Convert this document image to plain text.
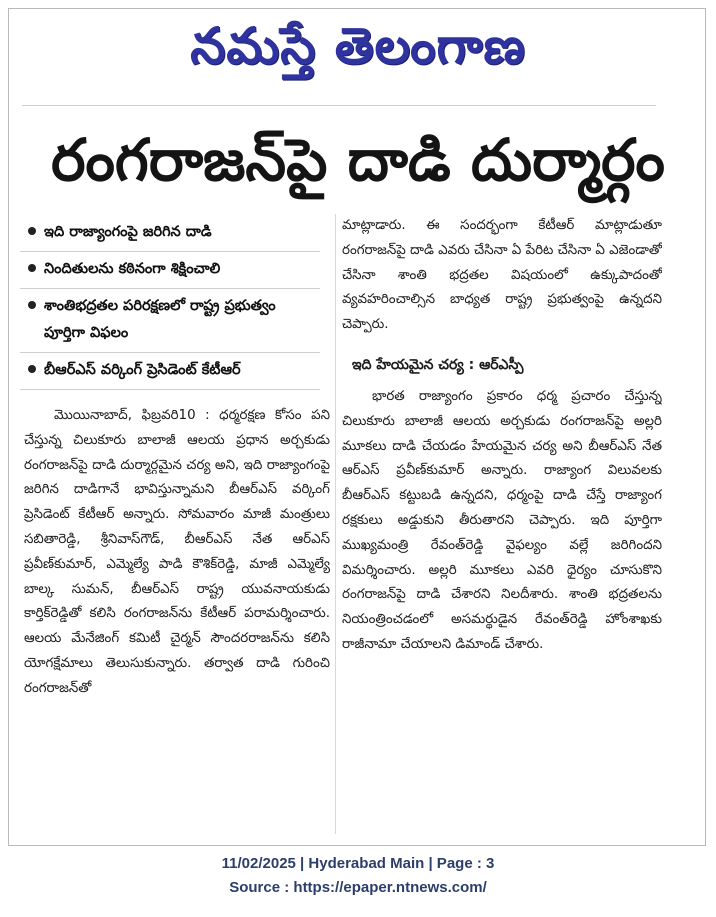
నమస్తే తెలంగాణ
రంగరాజన్‌పై దాడి దుర్మార్గం
ఇది రాజ్యాంగంపై జరిగిన దాడి
నిందితులను కఠినంగా శిక్షించాలి
శాంతిభద్రతల పరిరక్షణలో రాష్ట్ర ప్రభుత్వం పూర్తిగా విఫలం
బీఆర్‌ఎస్ వర్కింగ్ ప్రెసిడెంట్ కేటీఆర్

మొయినాబాద్, ఫిబ్రవరి10 : ధర్మరక్షణ కోసం పని చేస్తున్న చిలుకూరు బాలాజీ ఆలయ ప్రధాన అర్చకుడు రంగరాజన్‌పై దాడి దుర్మార్గమైన చర్య అని, ఇది రాజ్యాంగంపై జరిగిన దాడిగానే భావిస్తున్నామని బీఆర్‌ఎస్ వర్కింగ్ ప్రెసిడెంట్ కేటీఆర్ అన్నారు. సోమవారం మాజీ మంత్రులు సబితారెడ్డి, శ్రీనివాస్‌గౌడ్, బీఆర్‌ఎస్ నేత ఆర్‌ఎస్ ప్రవీణ్‌కుమార్, ఎమ్మెల్యే పాడి కౌశిక్‌రెడ్డి, మాజీ ఎమ్మెల్యే బాల్క సుమన్, బీఆర్‌ఎస్ రాష్ట్ర యువనాయకుడు కార్తిక్‌రెడ్డితో కలిసి రంగరాజన్‌ను కేటీఆర్ పరామర్శించారు. ఆలయ మేనేజింగ్ కమిటీ చైర్మన్ సౌందరరాజన్‌ను కలిసి యోగక్షేమాలు తెలుసుకున్నారు. తర్వాత దాడి గురించి రంగరాజన్‌తో

మాట్లాడారు. ఈ సందర్భంగా కేటీఆర్ మాట్లాడుతూ రంగరాజన్‌పై దాడి ఎవరు చేసినా ఏ పేరిట చేసినా ఏ ఎజెండాతో చేసినా శాంతి భద్రతల విషయంలో ఉక్కుపాదంతో వ్యవహరించాల్సిన బాధ్యత రాష్ట్ర ప్రభుత్వంపై ఉన్నదని చెప్పారు.

ఇది హేయమైన చర్య : ఆర్‌ఎస్పీ

భారత రాజ్యాంగం ప్రకారం ధర్మ ప్రచారం చేస్తున్న చిలుకూరు బాలాజీ ఆలయ అర్చకుడు రంగరాజన్‌పై అల్లరి మూకలు దాడి చేయడం హేయమైన చర్య అని బీఆర్‌ఎస్ నేత ఆర్‌ఎస్ ప్రవీణ్‌కుమార్ అన్నారు. రాజ్యాంగ విలువలకు బీఆర్‌ఎస్ కట్టుబడి ఉన్నదని, ధర్మంపై దాడి చేస్తే రాజ్యాంగ రక్షకులు అడ్డుకుని తీరుతారని చెప్పారు. ఇది పూర్తిగా ముఖ్యమంత్రి రేవంత్‌రెడ్డి వైఫల్యం వల్లే జరిగిందని విమర్శించారు. అల్లరి మూకలు ఎవరి ధైర్యం చూసుకొని రంగరాజన్‌పై దాడి చేశారని నిలదీశారు. శాంతి భద్రతలను నియంత్రించడంలో అసమర్థుడైన రేవంత్‌రెడ్డి హోంశాఖకు రాజీనామా చేయాలని డిమాండ్ చేశారు.

11/02/2025 | Hyderabad Main | Page : 3
Source : https://epaper.ntnews.com/
